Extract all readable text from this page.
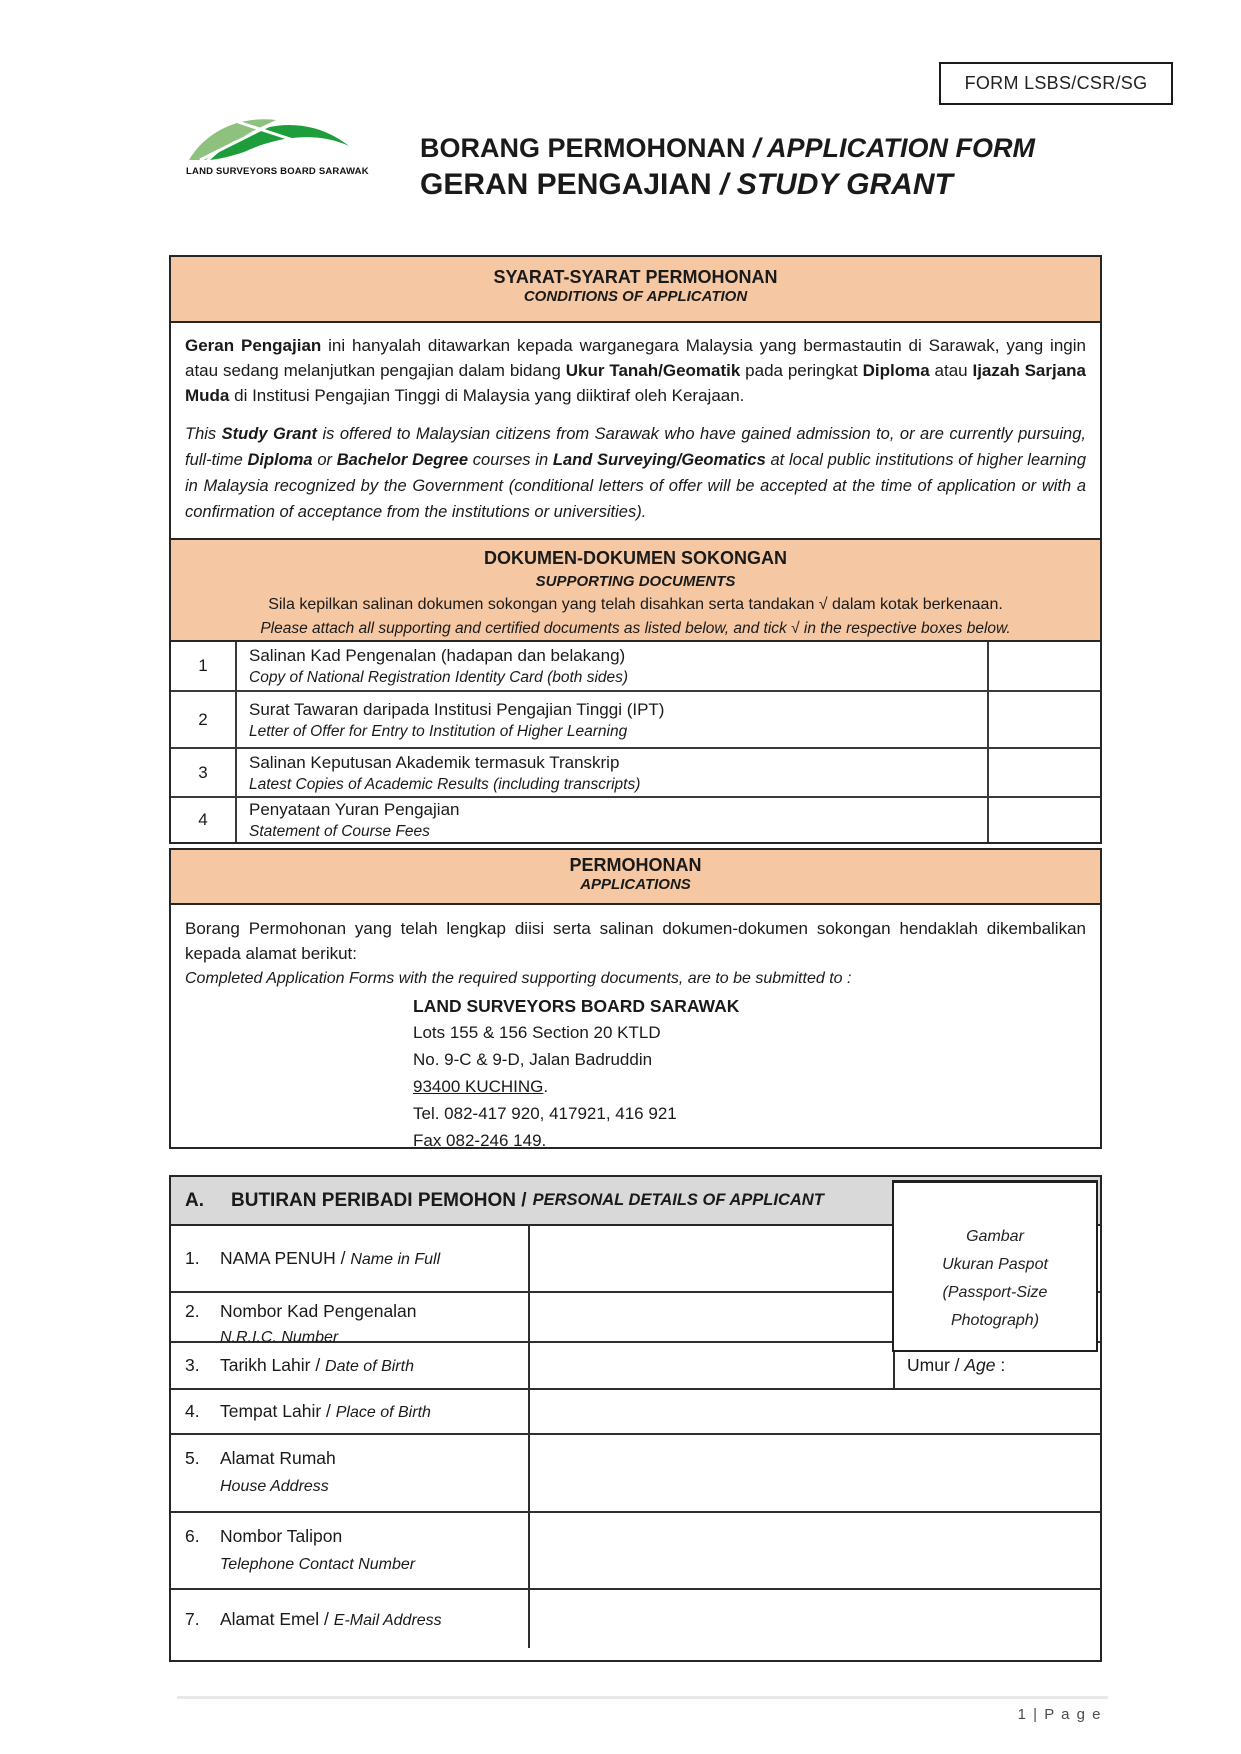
FORM LSBS/CSR/SG
LAND SURVEYORS BOARD SARAWAK
BORANG PERMOHONAN / APPLICATION FORM
GERAN PENGAJIAN / STUDY GRANT
SYARAT-SYARAT PERMOHONAN
CONDITIONS OF APPLICATION

Geran Pengajian ini hanyalah ditawarkan kepada warganegara Malaysia yang bermastautin di Sarawak, yang ingin atau sedang melanjutkan pengajian dalam bidang Ukur Tanah/Geomatik pada peringkat Diploma atau Ijazah Sarjana Muda di Institusi Pengajian Tinggi di Malaysia yang diiktiraf oleh Kerajaan.

This Study Grant is offered to Malaysian citizens from Sarawak who have gained admission to, or are currently pursuing, full-time Diploma or Bachelor Degree courses in Land Surveying/Geomatics at local public institutions of higher learning in Malaysia recognized by the Government (conditional letters of offer will be accepted at the time of application or with a confirmation of acceptance from the institutions or universities).

DOKUMEN-DOKUMEN SOKONGAN
SUPPORTING DOCUMENTS
Sila kepilkan salinan dokumen sokongan yang telah disahkan serta tandakan √ dalam kotak berkenaan.
Please attach all supporting and certified documents as listed below, and tick √ in the respective boxes below.
1
Salinan Kad Pengenalan (hadapan dan belakang)
Copy of National Registration Identity Card (both sides)
2
Surat Tawaran daripada Institusi Pengajian Tinggi (IPT)
Letter of Offer for Entry to Institution of Higher Learning
3
Salinan Keputusan Akademik termasuk Transkrip
Latest Copies of Academic Results (including transcripts)
4
Penyataan Yuran Pengajian
Statement of Course Fees
PERMOHONAN
APPLICATIONS

Borang Permohonan yang telah lengkap diisi serta salinan dokumen-dokumen sokongan hendaklah dikembalikan kepada alamat berikut:

Completed Application Forms with the required supporting documents, are to be submitted to :

LAND SURVEYORS BOARD SARAWAK
Lots 155 & 156 Section 20 KTLD
No. 9-C & 9-D, Jalan Badruddin
93400 KUCHING.
Tel. 082-417 920, 417921, 416 921
Fax 082-246 149.
A. BUTIRAN PERIBADI PEMOHON / PERSONAL DETAILS OF APPLICANT
1.	NAMA PENUH / Name in Full
2.	Nombor Kad Pengenalan
N.R.I.C. Number
3.	Tarikh Lahir / Date of Birth	Umur / Age :
4.	Tempat Lahir / Place of Birth
5.	Alamat Rumah
House Address
6.	Nombor Talipon
Telephone Contact Number
7.	Alamat Emel / E-Mail Address
Gambar
Ukuran Paspot
(Passport-Size
Photograph)
1 | P a g e
